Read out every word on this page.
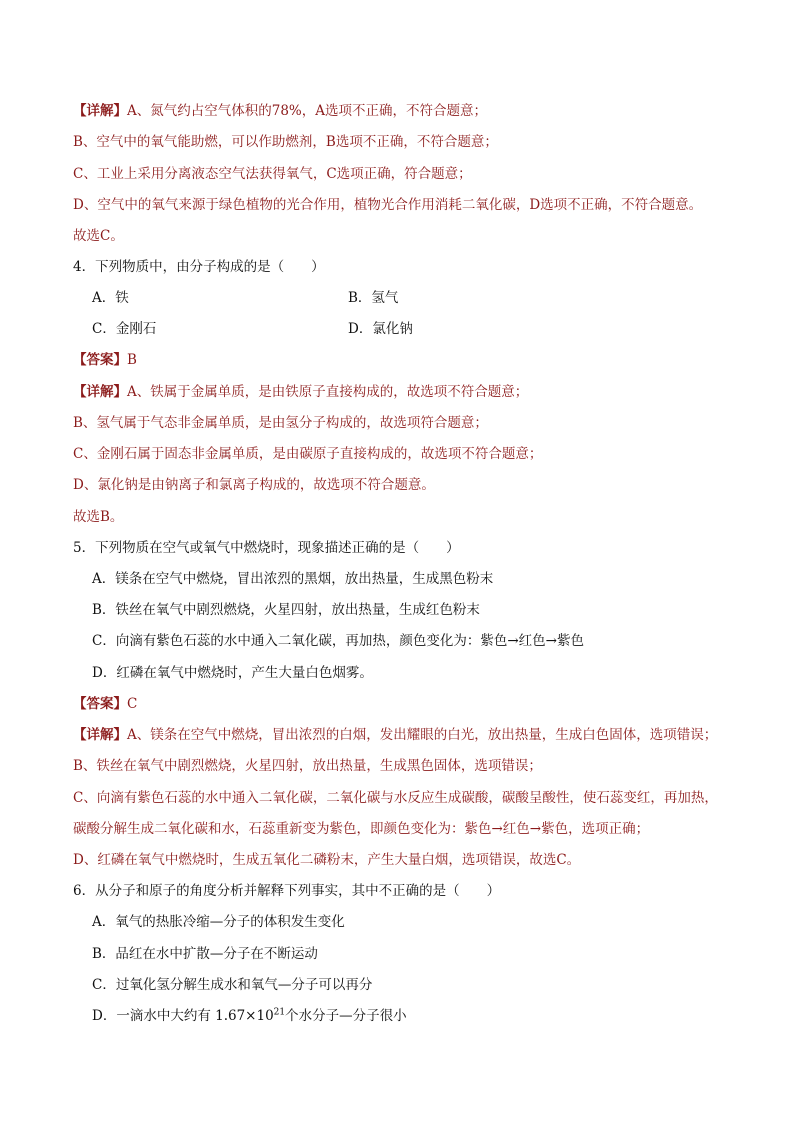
【详解】A、氮气约占空气体积的78%，A选项不正确，不符合题意；
B、空气中的氧气能助燃，可以作助燃剂，B选项不正确，不符合题意；
C、工业上采用分离液态空气法获得氧气，C选项正确，符合题意；
D、空气中的氧气来源于绿色植物的光合作用，植物光合作用消耗二氧化碳，D选项不正确，不符合题意。
故选C。
4．下列物质中，由分子构成的是（　　）
A．铁	B．氢气
C．金刚石	D．氯化钠
【答案】B
【详解】A、铁属于金属单质，是由铁原子直接构成的，故选项不符合题意；
B、氢气属于气态非金属单质，是由氢分子构成的，故选项符合题意；
C、金刚石属于固态非金属单质，是由碳原子直接构成的，故选项不符合题意；
D、氯化钠是由钠离子和氯离子构成的，故选项不符合题意。
故选B。
5．下列物质在空气或氧气中燃烧时，现象描述正确的是（　　）
A．镁条在空气中燃烧，冒出浓烈的黑烟，放出热量，生成黑色粉末
B．铁丝在氧气中剧烈燃烧，火星四射，放出热量，生成红色粉末
C．向滴有紫色石蕊的水中通入二氧化碳，再加热，颜色变化为：紫色→红色→紫色
D．红磷在氧气中燃烧时，产生大量白色烟雾。
【答案】C
【详解】A、镁条在空气中燃烧，冒出浓烈的白烟，发出耀眼的白光，放出热量，生成白色固体，选项错误；
B、铁丝在氧气中剧烈燃烧，火星四射，放出热量，生成黑色固体，选项错误；
C、向滴有紫色石蕊的水中通入二氧化碳，二氧化碳与水反应生成碳酸，碳酸呈酸性，使石蕊变红，再加热，
碳酸分解生成二氧化碳和水，石蕊重新变为紫色，即颜色变化为：紫色→红色→紫色，选项正确；
D、红磷在氧气中燃烧时，生成五氧化二磷粉末，产生大量白烟，选项错误，故选C。
6．从分子和原子的角度分析并解释下列事实，其中不正确的是（　　）
A．氧气的热胀冷缩—分子的体积发生变化
B．品红在水中扩散—分子在不断运动
C．过氧化氢分解生成水和氧气—分子可以再分
D．一滴水中大约有 $1.67\times 10^{21}$个水分子—分子很小
